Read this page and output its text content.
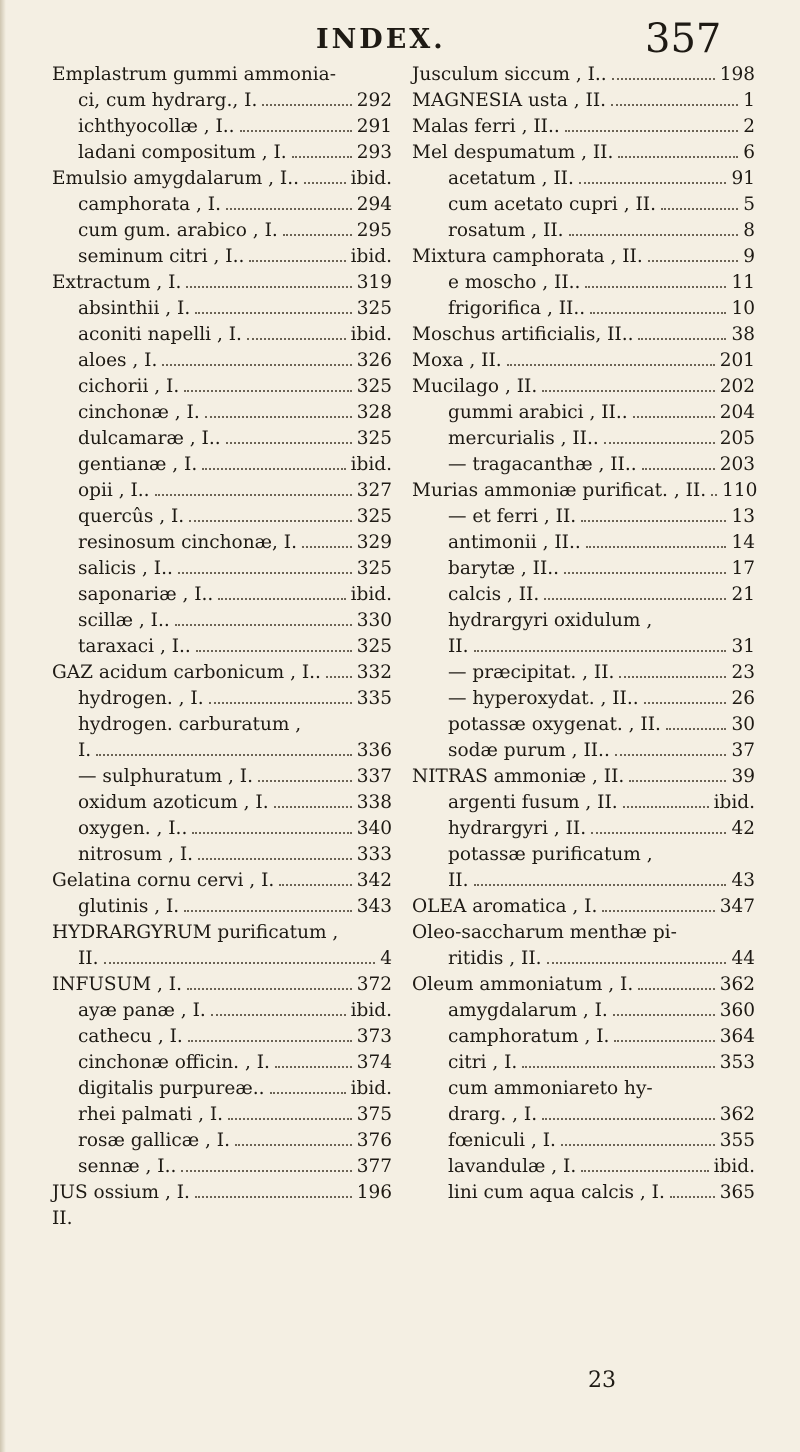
INDEX.	357
Emplastrum gummi ammonia-
ci, cum hydrarg., I.	292
ichthyocollæ , I..	291
ladani compositum , I.	293
Emulsio amygdalarum , I..	ibid.
camphorata , I.	294
cum gum. arabico , I.	295
seminum citri , I..	ibid.
Extractum , I.	319
absinthii , I.	325
aconiti napelli , I.	ibid.
aloes , I.	326
cichorii , I.	325
cinchonæ , I.	328
dulcamaræ , I..	325
gentianæ , I.	ibid.
opii , I..	327
quercûs , I.	325
resinosum cinchonæ, I.	329
salicis , I..	325
saponariæ , I..	ibid.
scillæ , I..	330
taraxaci , I..	325
GAZ acidum carbonicum , I.. 332
hydrogen. , I.	335
hydrogen. carburatum ,
I.	336
— sulphuratum , I.	337
oxidum azoticum , I.	338
oxygen. , I..	340
nitrosum , I.	333
Gelatina cornu cervi , I.	342
glutinis , I.	343
HYDRARGYRUM purificatum ,
II.	4
INFUSUM , I.	372
ayæ panæ , I.	ibid.
cathecu , I.	373
cinchonæ officin. , I.	374
digitalis purpureæ..	ibid.
rhei palmati , I.	375
rosæ gallicæ , I.	376
sennæ , I..	377
JUS ossium , I.	196
II.
Jusculum siccum , I..	198
MAGNESIA usta , II.	1
Malas ferri , II..	2
Mel despumatum , II.	6
acetatum , II.	91
cum acetato cupri , II.	5
rosatum , II.	8
Mixtura camphorata , II.	9
e moscho , II..	11
frigorifica , II..	10
Moschus artificialis, II..	38
Moxa , II.	201
Mucilago , II.	202
gummi arabici , II..	204
mercurialis , II..	205
— tragacanthæ , II..	203
Murias ammoniæ purificat. , II. 110
— et ferri , II.	13
antimonii , II..	14
barytæ , II..	17
calcis , II.	21
hydrargyri oxidulum ,
II.	31
— præcipitat. , II.	23
— hyperoxydat. , II..	26
potassæ oxygenat. , II.	30
sodæ purum , II..	37
NITRAS ammoniæ , II.	39
argenti fusum , II.	ibid.
hydrargyri , II.	42
potassæ purificatum ,
II.	43
OLEA aromatica , I.	347
Oleo-saccharum menthæ pi-
ritidis , II.	44
Oleum ammoniatum , I.	362
amygdalarum , I.	360
camphoratum , I.	364
citri , I.	353
cum ammoniareto hy-
drarg. , I.	362
fœniculi , I.	355
lavandulæ , I.	ibid.
lini cum aqua calcis , I.	365
23
